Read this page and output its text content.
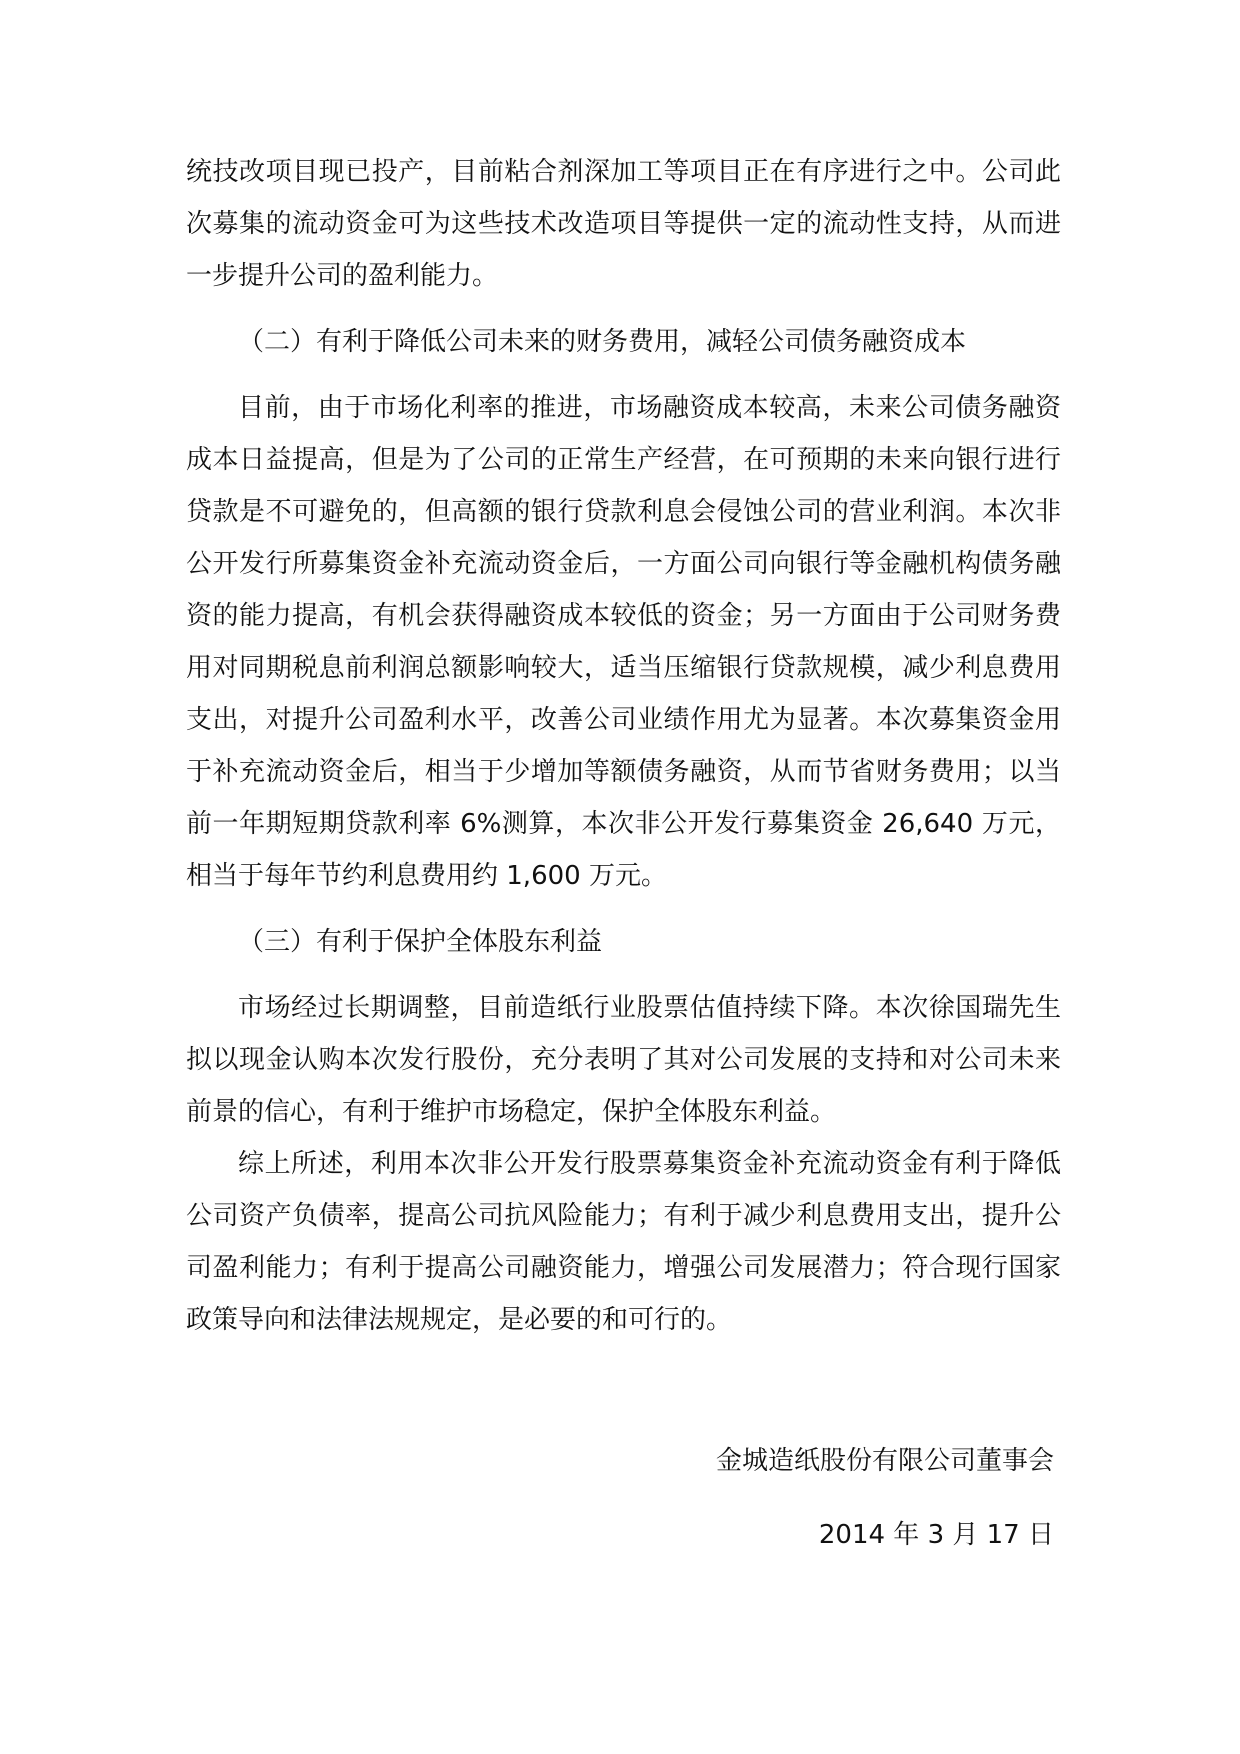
统技改项目现已投产，目前粘合剂深加工等项目正在有序进行之中。公司此次募集的流动资金可为这些技术改造项目等提供一定的流动性支持，从而进一步提升公司的盈利能力。

（二）有利于降低公司未来的财务费用，减轻公司债务融资成本

目前，由于市场化利率的推进，市场融资成本较高，未来公司债务融资成本日益提高，但是为了公司的正常生产经营，在可预期的未来向银行进行贷款是不可避免的，但高额的银行贷款利息会侵蚀公司的营业利润。本次非公开发行所募集资金补充流动资金后，一方面公司向银行等金融机构债务融资的能力提高，有机会获得融资成本较低的资金；另一方面由于公司财务费用对同期税息前利润总额影响较大，适当压缩银行贷款规模，减少利息费用支出，对提升公司盈利水平，改善公司业绩作用尤为显著。本次募集资金用于补充流动资金后，相当于少增加等额债务融资，从而节省财务费用；以当前一年期短期贷款利率 6%测算，本次非公开发行募集资金 26,640 万元，相当于每年节约利息费用约 1,600 万元。

（三）有利于保护全体股东利益

市场经过长期调整，目前造纸行业股票估值持续下降。本次徐国瑞先生拟以现金认购本次发行股份，充分表明了其对公司发展的支持和对公司未来前景的信心，有利于维护市场稳定，保护全体股东利益。

综上所述，利用本次非公开发行股票募集资金补充流动资金有利于降低公司资产负债率，提高公司抗风险能力；有利于减少利息费用支出，提升公司盈利能力；有利于提高公司融资能力，增强公司发展潜力；符合现行国家政策导向和法律法规规定，是必要的和可行的。

金城造纸股份有限公司董事会
2014 年 3 月 17 日
